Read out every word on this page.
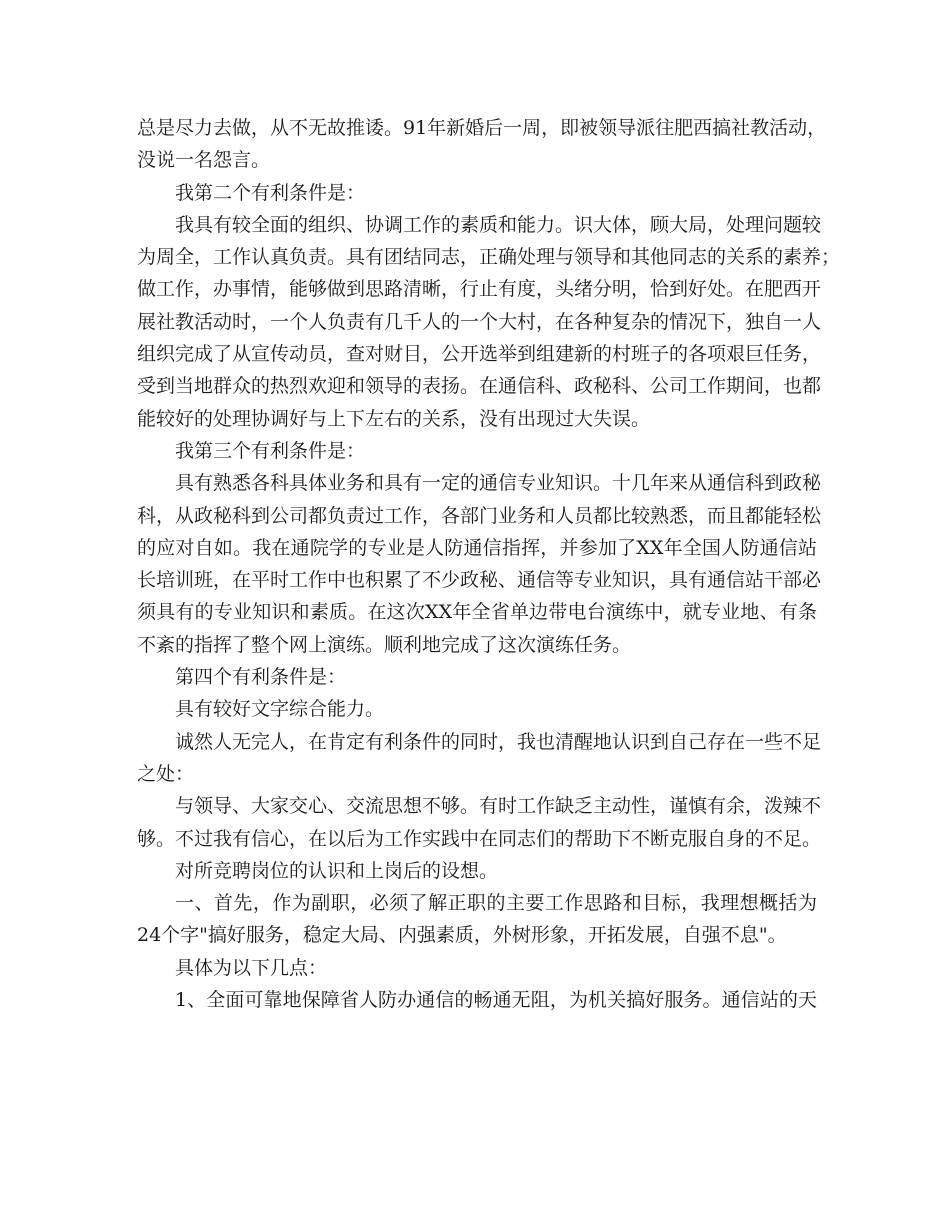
总是尽力去做，从不无故推诿。91年新婚后一周，即被领导派往肥西搞社教活动，
没说一名怨言。
我第二个有利条件是：
我具有较全面的组织、协调工作的素质和能力。识大体，顾大局，处理问题较
为周全，工作认真负责。具有团结同志，正确处理与领导和其他同志的关系的素养；
做工作，办事情，能够做到思路清晰，行止有度，头绪分明，恰到好处。在肥西开
展社教活动时，一个人负责有几千人的一个大村，在各种复杂的情况下，独自一人
组织完成了从宣传动员，查对财目，公开选举到组建新的村班子的各项艰巨任务，
受到当地群众的热烈欢迎和领导的表扬。在通信科、政秘科、公司工作期间，也都
能较好的处理协调好与上下左右的关系，没有出现过大失误。
我第三个有利条件是：
具有熟悉各科具体业务和具有一定的通信专业知识。十几年来从通信科到政秘
科，从政秘科到公司都负责过工作，各部门业务和人员都比较熟悉，而且都能轻松
的应对自如。我在通院学的专业是人防通信指挥，并参加了XX年全国人防通信站
长培训班，在平时工作中也积累了不少政秘、通信等专业知识，具有通信站干部必
须具有的专业知识和素质。在这次XX年全省单边带电台演练中，就专业地、有条
不紊的指挥了整个网上演练。顺利地完成了这次演练任务。
第四个有利条件是：
具有较好文字综合能力。
诚然人无完人，在肯定有利条件的同时，我也清醒地认识到自己存在一些不足
之处：
与领导、大家交心、交流思想不够。有时工作缺乏主动性，谨慎有余，泼辣不
够。不过我有信心，在以后为工作实践中在同志们的帮助下不断克服自身的不足。
对所竞聘岗位的认识和上岗后的设想。
一、首先，作为副职，必须了解正职的主要工作思路和目标，我理想概括为
24个字"搞好服务，稳定大局、内强素质，外树形象，开拓发展，自强不息"。
具体为以下几点：
1、全面可靠地保障省人防办通信的畅通无阻，为机关搞好服务。通信站的天
